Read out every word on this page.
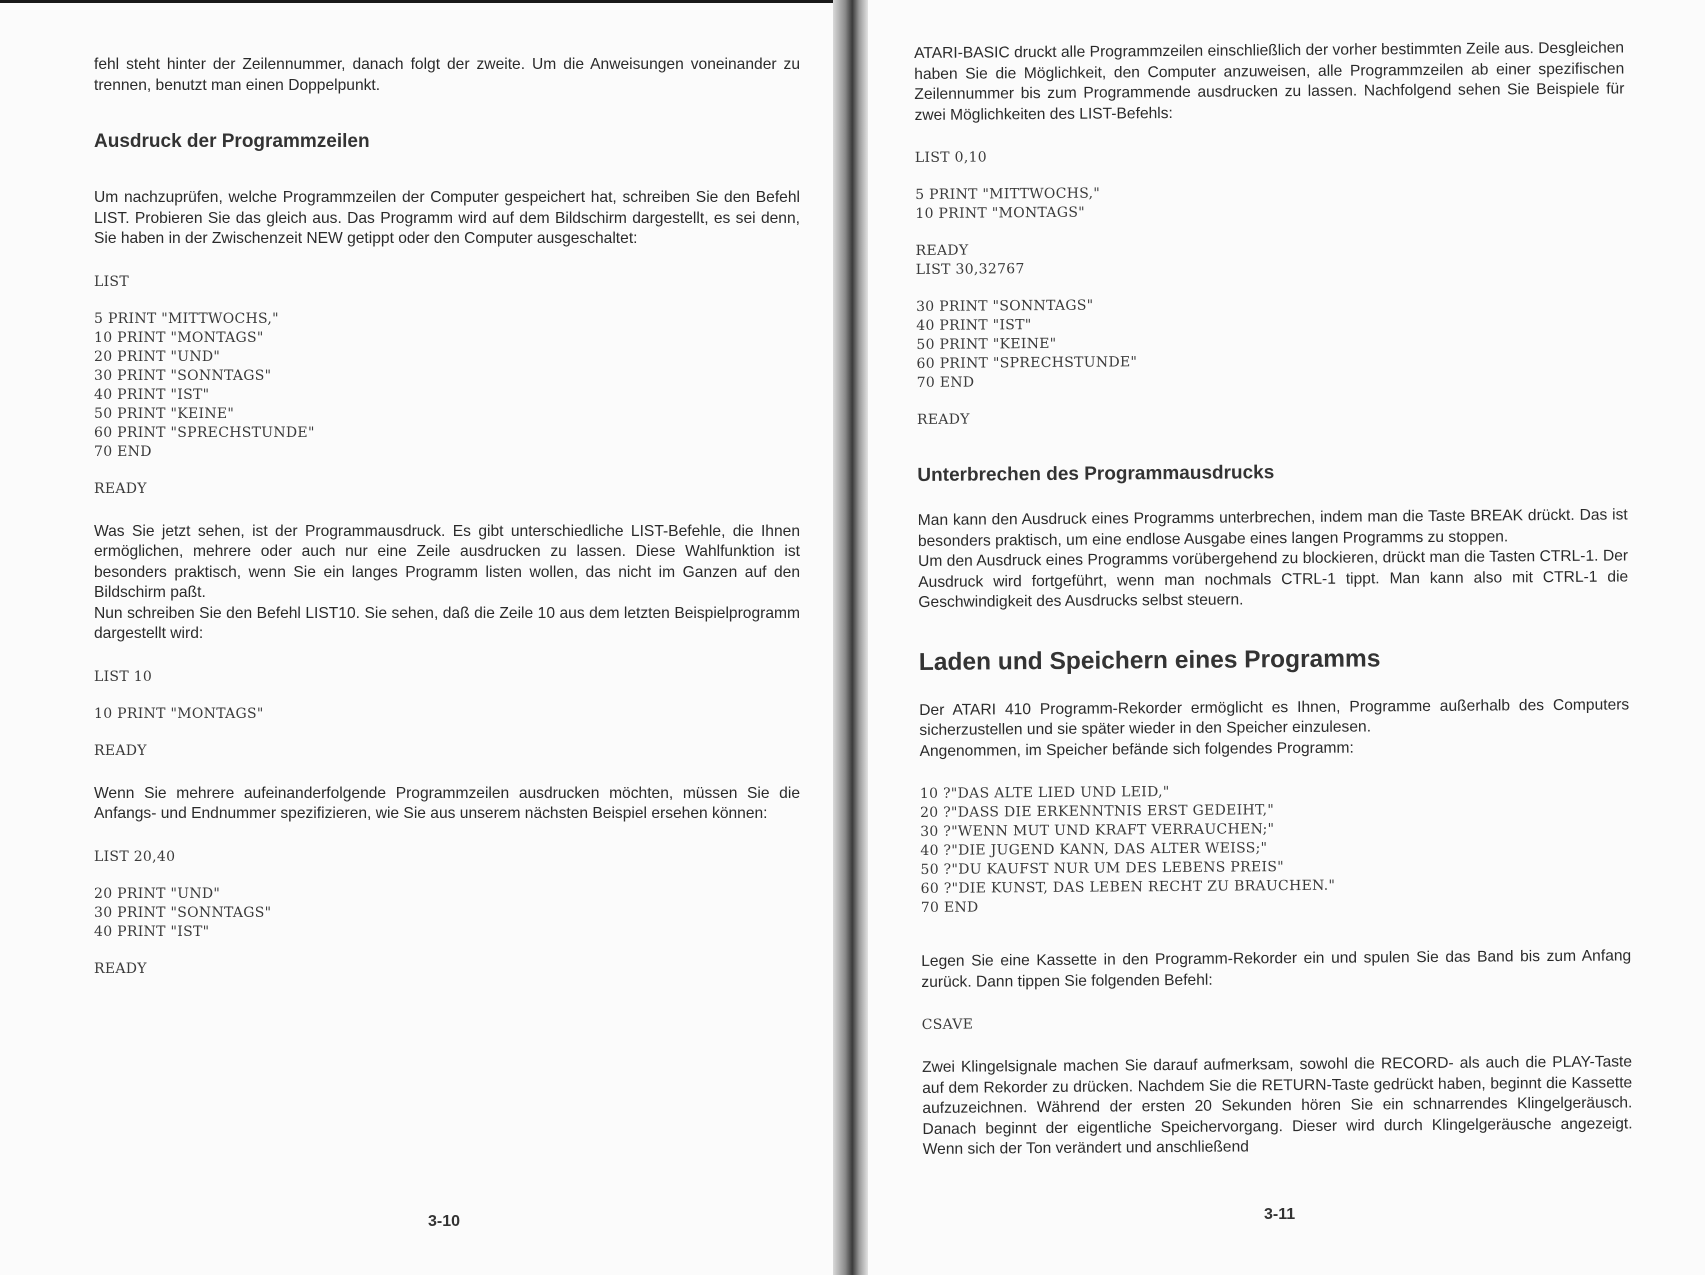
fehl steht hinter der Zeilennummer, danach folgt der zweite. Um die Anweisungen voneinander zu trennen, benutzt man einen Doppelpunkt.

Ausdruck der Programmzeilen

Um nachzuprüfen, welche Programmzeilen der Computer gespeichert hat, schreiben Sie den Befehl LIST. Probieren Sie das gleich aus. Das Programm wird auf dem Bildschirm dargestellt, es sei denn, Sie haben in der Zwischenzeit NEW getippt oder den Computer ausgeschaltet:

LIST
5 PRINT "MITTWOCHS,"
10 PRINT "MONTAGS"
20 PRINT "UND"
30 PRINT "SONNTAGS"
40 PRINT "IST"
50 PRINT "KEINE"
60 PRINT "SPRECHSTUNDE"
70 END
READY

Was Sie jetzt sehen, ist der Programmausdruck. Es gibt unterschiedliche LIST-Befehle, die Ihnen ermöglichen, mehrere oder auch nur eine Zeile ausdrucken zu lassen. Diese Wahlfunktion ist besonders praktisch, wenn Sie ein langes Programm listen wollen, das nicht im Ganzen auf den Bildschirm paßt.

Nun schreiben Sie den Befehl LIST10. Sie sehen, daß die Zeile 10 aus dem letzten Beispielprogramm dargestellt wird:

LIST 10
10 PRINT "MONTAGS"
READY

Wenn Sie mehrere aufeinanderfolgende Programmzeilen ausdrucken möchten, müssen Sie die Anfangs- und Endnummer spezifizieren, wie Sie aus unserem nächsten Beispiel ersehen können:

LIST 20,40
20 PRINT "UND"
30 PRINT "SONNTAGS"
40 PRINT "IST"
READY
3-10

ATARI-BASIC druckt alle Programmzeilen einschließlich der vorher bestimmten Zeile aus. Desgleichen haben Sie die Möglichkeit, den Computer anzuweisen, alle Programmzeilen ab einer spezifischen Zeilennummer bis zum Programmende ausdrucken zu lassen. Nachfolgend sehen Sie Beispiele für zwei Möglichkeiten des LIST-Befehls:

LIST 0,10
5 PRINT "MITTWOCHS,"
10 PRINT "MONTAGS"
READY
LIST 30,32767
30 PRINT "SONNTAGS"
40 PRINT "IST"
50 PRINT "KEINE"
60 PRINT "SPRECHSTUNDE"
70 END
READY
Unterbrechen des Programmausdrucks

Man kann den Ausdruck eines Programms unterbrechen, indem man die Taste BREAK drückt. Das ist besonders praktisch, um eine endlose Ausgabe eines langen Programms zu stoppen.

Um den Ausdruck eines Programms vorübergehend zu blockieren, drückt man die Tasten CTRL-1. Der Ausdruck wird fortgeführt, wenn man nochmals CTRL-1 tippt. Man kann also mit CTRL-1 die Geschwindigkeit des Ausdrucks selbst steuern.

Laden und Speichern eines Programms

Der ATARI 410 Programm-Rekorder ermöglicht es Ihnen, Programme außerhalb des Computers sicherzustellen und sie später wieder in den Speicher einzulesen.

Angenommen, im Speicher befände sich folgendes Programm:

10 ?"DAS ALTE LIED UND LEID,"
20 ?"DASS DIE ERKENNTNIS ERST GEDEIHT,"
30 ?"WENN MUT UND KRAFT VERRAUCHEN;"
40 ?"DIE JUGEND KANN, DAS ALTER WEISS;"
50 ?"DU KAUFST NUR UM DES LEBENS PREIS"
60 ?"DIE KUNST, DAS LEBEN RECHT ZU BRAUCHEN."
70 END

Legen Sie eine Kassette in den Programm-Rekorder ein und spulen Sie das Band bis zum Anfang zurück. Dann tippen Sie folgenden Befehl:

CSAVE

Zwei Klingelsignale machen Sie darauf aufmerksam, sowohl die RECORD- als auch die PLAY-Taste auf dem Rekorder zu drücken. Nachdem Sie die RETURN-Taste gedrückt haben, beginnt die Kassette aufzuzeichnen. Während der ersten 20 Sekunden hören Sie ein schnarrendes Klingelgeräusch. Danach beginnt der eigentliche Speichervorgang. Dieser wird durch Klingelgeräusche angezeigt. Wenn sich der Ton verändert und anschließend

3-11
